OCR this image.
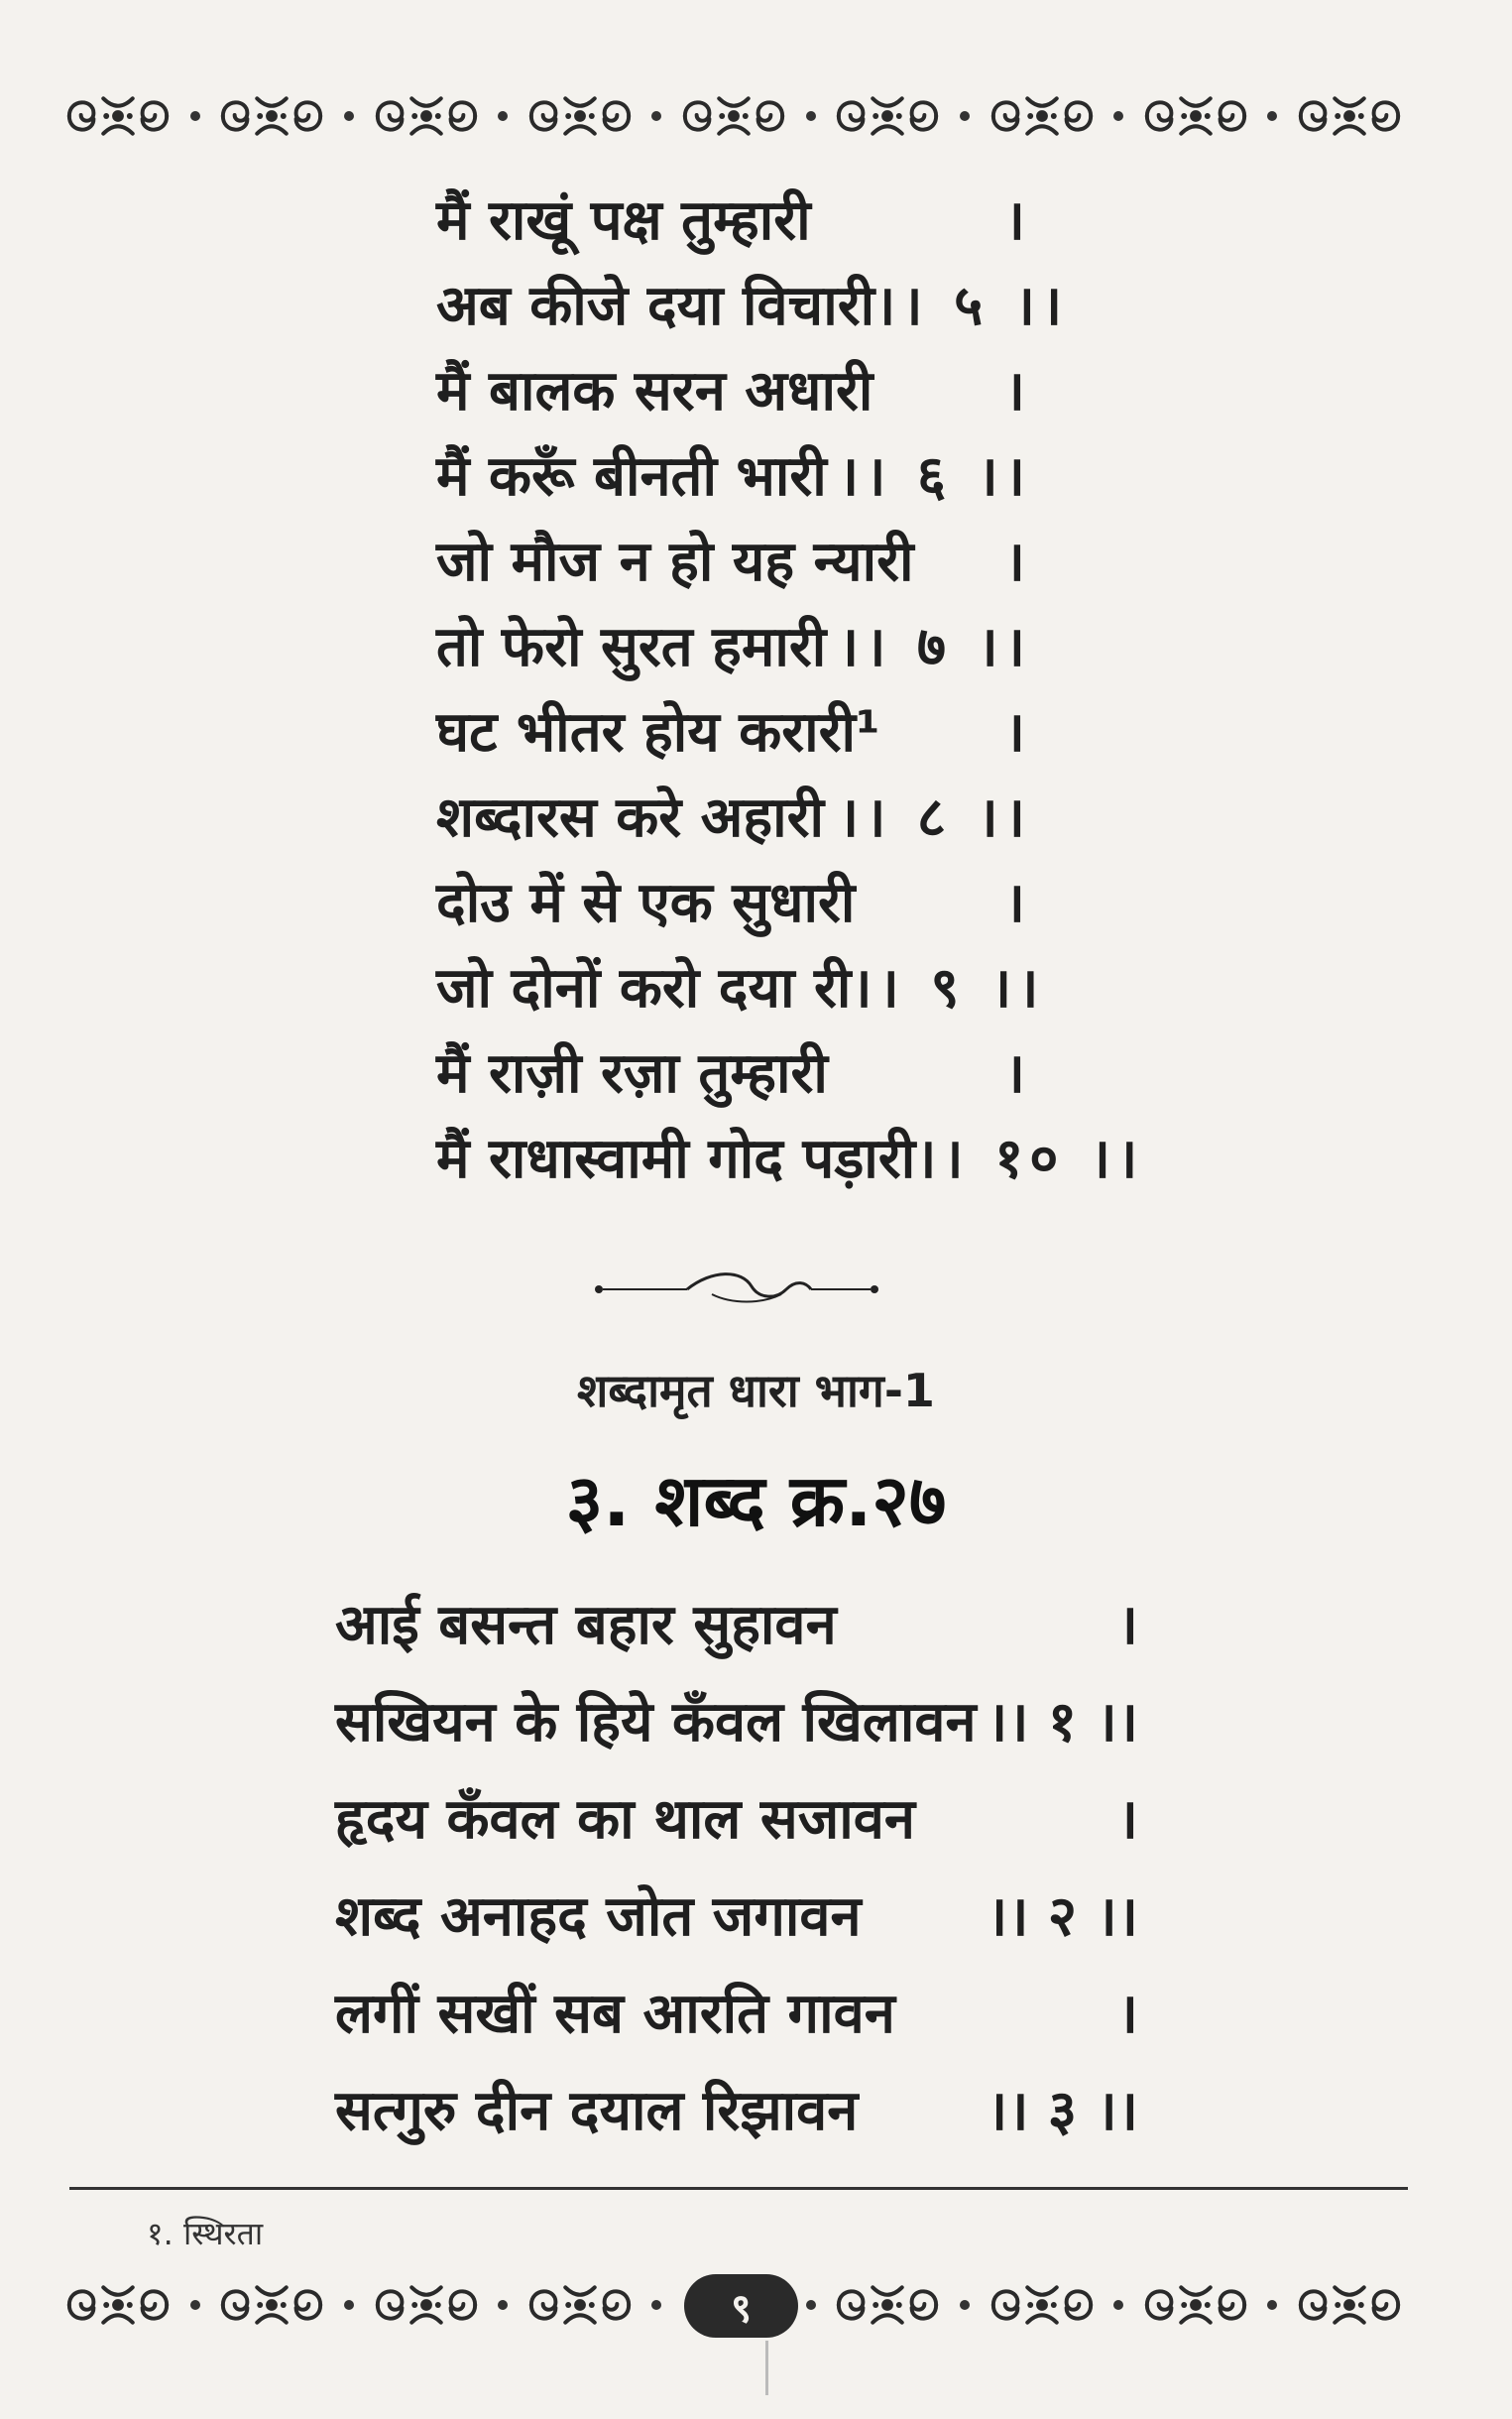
मैं राखूं पक्ष तुम्हारी	।
अब कीजे दया विचारी ।। ५ ।।
मैं बालक सरन अधारी ।
मैं करूँ बीनती भारी ।। ६ ।।
जो मौज न हो यह न्यारी ।
तो फेरो सुरत हमारी ।। ७ ।।
घट भीतर होय करारी¹ ।
शब्दारस करे अहारी ।। ८ ।।
दोउ में से एक सुधारी	।
जो दोनों करो दया री ।। ९ ।।
मैं राज़ी रज़ा तुम्हारी	।
मैं राधास्वामी गोद पड़ारी ।। १० ।।
शब्दामृत धारा भाग-1
३. शब्द क्र.२७
आई बसन्त बहार सुहावन	।
सखियन के हिये कँवल खिलावन ।। १ ।।
हृदय कँवल का थाल सजावन	।
शब्द अनाहद जोत जगावन ।। २ ।।
लगीं सखीं सब आरति गावन	।
सत्गुरु दीन दयाल रिझावन ।। ३ ।।
१. स्थिरता
९
